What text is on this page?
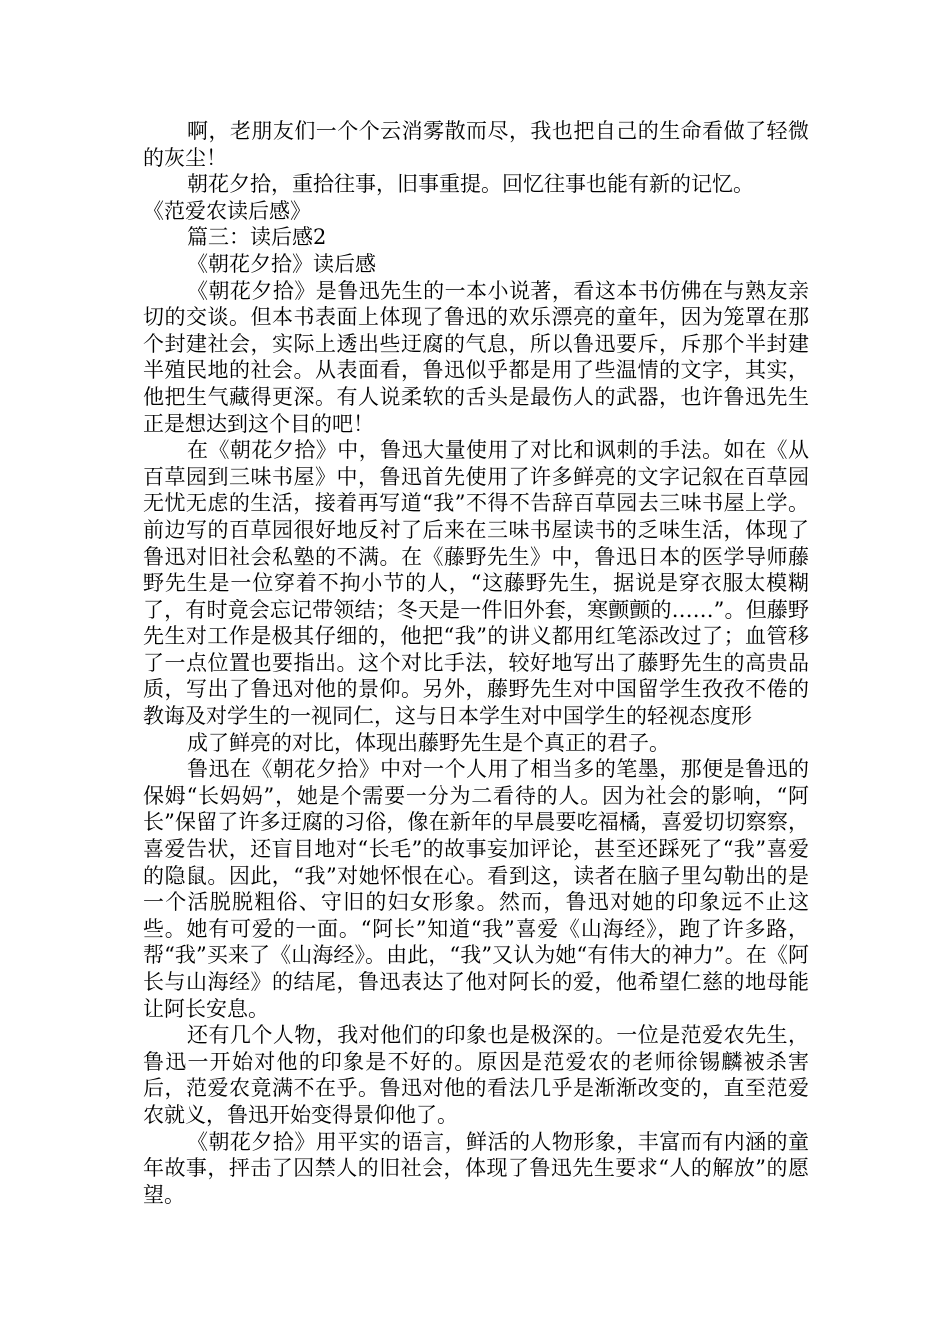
啊，老朋友们一个个云消雾散而尽，我也把自己的生命看做了轻微的灰尘！

朝花夕拾，重拾往事，旧事重提。回忆往事也能有新的记忆。

《范爱农读后感》

篇三：读后感2

《朝花夕拾》读后感

《朝花夕拾》是鲁迅先生的一本小说著，看这本书仿佛在与熟友亲切的交谈。但本书表面上体现了鲁迅的欢乐漂亮的童年，因为笼罩在那个封建社会，实际上透出些迂腐的气息，所以鲁迅要斥，斥那个半封建半殖民地的社会。从表面看，鲁迅似乎都是用了些温情的文字，其实，他把生气藏得更深。有人说柔软的舌头是最伤人的武器，也许鲁迅先生正是想达到这个目的吧！

在《朝花夕拾》中，鲁迅大量使用了对比和讽刺的手法。如在《从百草园到三味书屋》中，鲁迅首先使用了许多鲜亮的文字记叙在百草园无忧无虑的生活，接着再写道“我”不得不告辞百草园去三味书屋上学。前边写的百草园很好地反衬了后来在三味书屋读书的乏味生活，体现了鲁迅对旧社会私塾的不满。在《藤野先生》中，鲁迅日本的医学导师藤野先生是一位穿着不拘小节的人，“这藤野先生，据说是穿衣服太模糊了，有时竟会忘记带领结；冬天是一件旧外套，寒颤颤的……”。但藤野先生对工作是极其仔细的，他把“我”的讲义都用红笔添改过了；血管移了一点位置也要指出。这个对比手法，较好地写出了藤野先生的高贵品质，写出了鲁迅对他的景仰。另外，藤野先生对中国留学生孜孜不倦的教诲及对学生的一视同仁，这与日本学生对中国学生的轻视态度形

成了鲜亮的对比，体现出藤野先生是个真正的君子。

鲁迅在《朝花夕拾》中对一个人用了相当多的笔墨，那便是鲁迅的保姆“长妈妈”，她是个需要一分为二看待的人。因为社会的影响，“阿长”保留了许多迂腐的习俗，像在新年的早晨要吃福橘，喜爱切切察察，喜爱告状，还盲目地对“长毛”的故事妄加评论，甚至还踩死了“我”喜爱的隐鼠。因此，“我”对她怀恨在心。看到这，读者在脑子里勾勒出的是一个活脱脱粗俗、守旧的妇女形象。然而，鲁迅对她的印象远不止这些。她有可爱的一面。“阿长”知道“我”喜爱《山海经》，跑了许多路，帮“我”买来了《山海经》。由此，“我”又认为她“有伟大的神力”。在《阿长与山海经》的结尾，鲁迅表达了他对阿长的爱，他希望仁慈的地母能让阿长安息。

还有几个人物，我对他们的印象也是极深的。一位是范爱农先生，鲁迅一开始对他的印象是不好的。原因是范爱农的老师徐锡麟被杀害后，范爱农竟满不在乎。鲁迅对他的看法几乎是渐渐改变的，直至范爱农就义，鲁迅开始变得景仰他了。

《朝花夕拾》用平实的语言，鲜活的人物形象，丰富而有内涵的童年故事，抨击了囚禁人的旧社会，体现了鲁迅先生要求“人的解放”的愿望。
